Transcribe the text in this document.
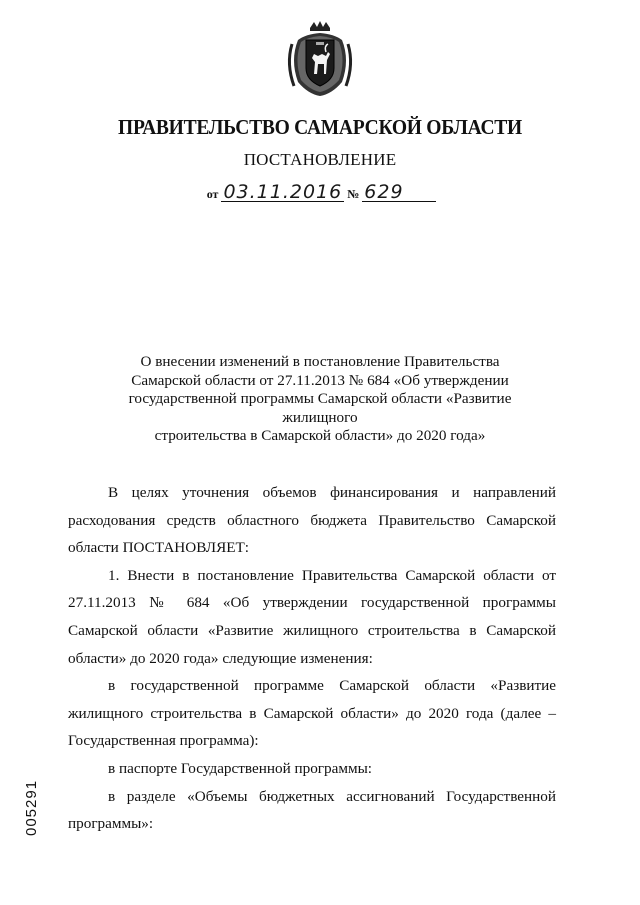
ПРАВИТЕЛЬСТВО САМАРСКОЙ ОБЛАСТИ
ПОСТАНОВЛЕНИЕ
от 03.11.2016 № 629
О внесении изменений в постановление Правительства
Самарской области от 27.11.2013 № 684 «Об утверждении
государственной программы Самарской области «Развитие жилищного
строительства в Самарской области» до 2020 года»

В целях уточнения объемов финансирования и направлений расходования средств областного бюджета Правительство Самарской области ПОСТАНОВЛЯЕТ:

1. Внести в постановление Правительства Самарской области от 27.11.2013 № 684 «Об утверждении государственной программы Самарской области «Развитие жилищного строительства в Самарской области» до 2020 года» следующие изменения:

в государственной программе Самарской области «Развитие жилищного строительства в Самарской области» до 2020 года (далее – Государственная программа):

в паспорте Государственной программы:

в разделе «Объемы бюджетных ассигнований Государственной программы»:

005291
